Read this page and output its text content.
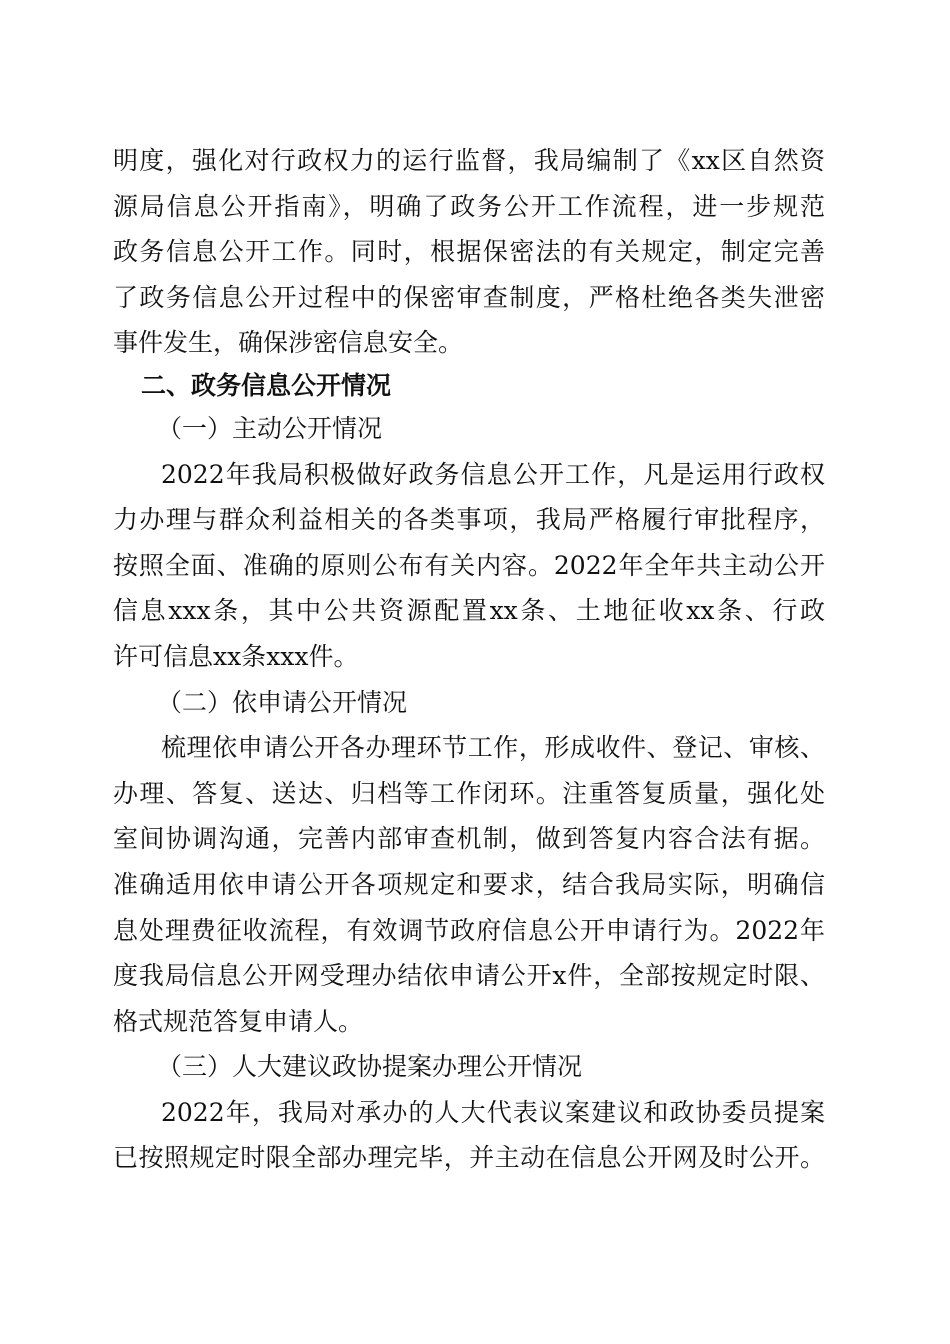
明度，强化对行政权力的运行监督，我局编制了《xx区自然资
源局信息公开指南》，明确了政务公开工作流程，进一步规范
政务信息公开工作。同时，根据保密法的有关规定，制定完善
了政务信息公开过程中的保密审查制度，严格杜绝各类失泄密
事件发生，确保涉密信息安全。
二、政务信息公开情况
（一）主动公开情况
2022年我局积极做好政务信息公开工作，凡是运用行政权
力办理与群众利益相关的各类事项，我局严格履行审批程序，
按照全面、准确的原则公布有关内容。2022年全年共主动公开
信息xxx条，其中公共资源配置xx条、土地征收xx条、行政
许可信息xx条xxx件。
（二）依申请公开情况
梳理依申请公开各办理环节工作，形成收件、登记、审核、
办理、答复、送达、归档等工作闭环。注重答复质量，强化处
室间协调沟通，完善内部审查机制，做到答复内容合法有据。
准确适用依申请公开各项规定和要求，结合我局实际，明确信
息处理费征收流程，有效调节政府信息公开申请行为。2022年
度我局信息公开网受理办结依申请公开x件，全部按规定时限、
格式规范答复申请人。
（三）人大建议政协提案办理公开情况
2022年，我局对承办的人大代表议案建议和政协委员提案
已按照规定时限全部办理完毕，并主动在信息公开网及时公开。
